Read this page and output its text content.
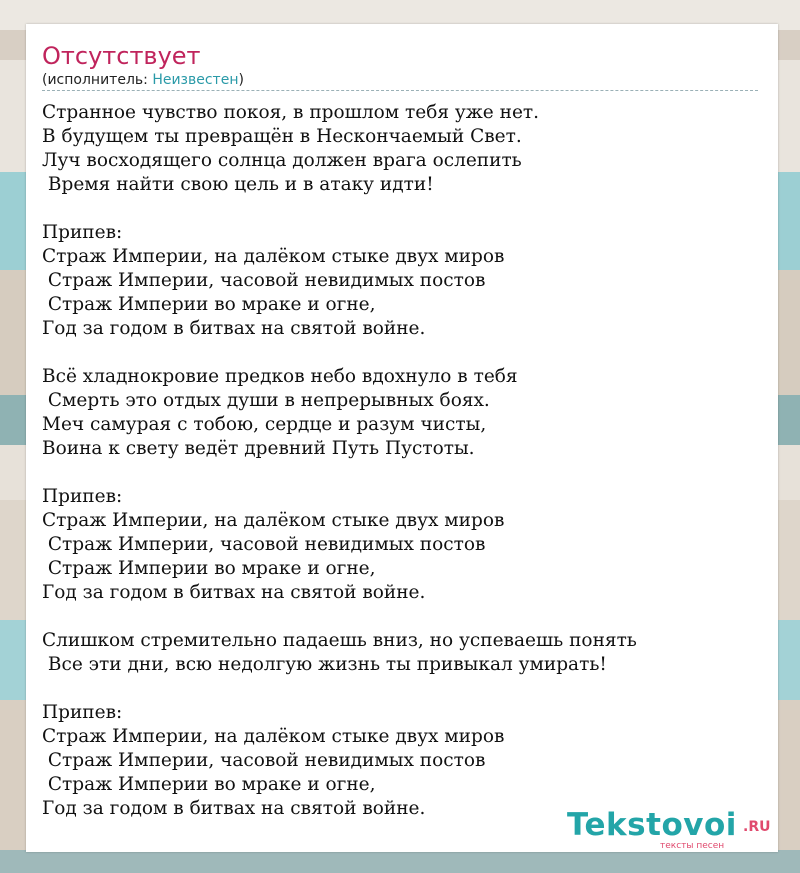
Отсутствует
(исполнитель: Неизвестен)
Странное чувство покоя, в прошлом тебя уже нет.
В будущем ты превращён в Нескончаемый Свет.
Луч восходящего солнца должен врага ослепить
Время найти свою цель и в атаку идти!

Припев:
Страж Империи, на далёком стыке двух миров
Страж Империи, часовой невидимых постов
Страж Империи во мраке и огне,
Год за годом в битвах на святой войне.

Всё хладнокровие предков небо вдохнуло в тебя
Смерть это отдых души в непрерывных боях.
Меч самурая с тобою, сердце и разум чисты,
Воина к свету ведёт древний Путь Пустоты.

Припев:
Страж Империи, на далёком стыке двух миров
Страж Империи, часовой невидимых постов
Страж Империи во мраке и огне,
Год за годом в битвах на святой войне.

Слишком стремительно падаешь вниз, но успеваешь понять
Все эти дни, всю недолгую жизнь ты привыкал умирать!

Припев:
Страж Империи, на далёком стыке двух миров
Страж Империи, часовой невидимых постов
Страж Империи во мраке и огне,
Год за годом в битвах на святой войне.	Tekstovoi .RU
тексты песен
